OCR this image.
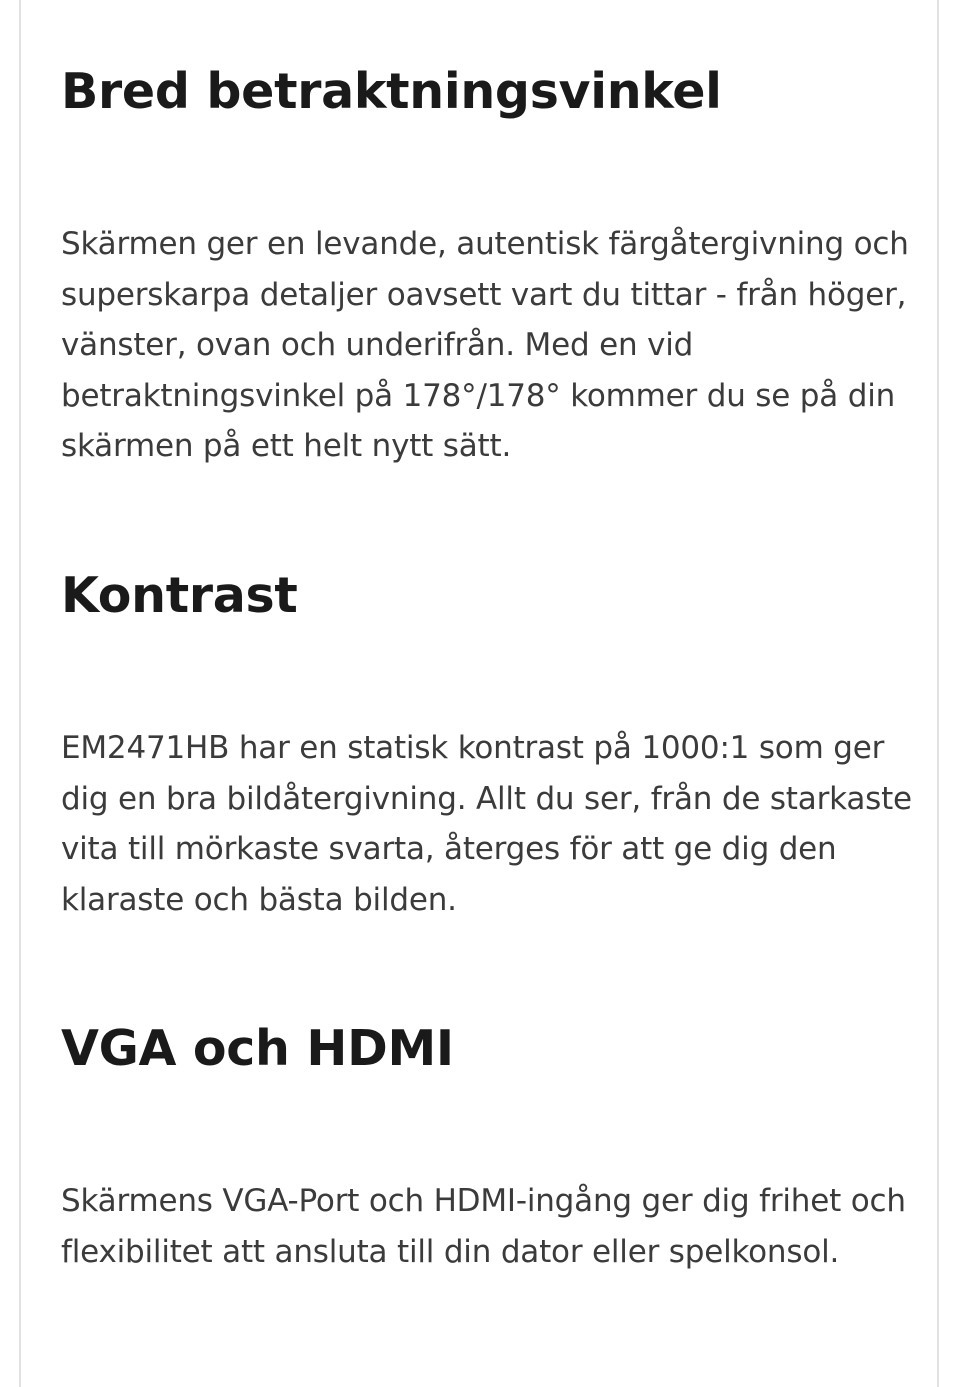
Bred betraktningsvinkel

Skärmen ger en levande, autentisk färgåtergivning och superskarpa detaljer oavsett vart du tittar - från höger, vänster, ovan och underifrån. Med en vid betraktningsvinkel på 178°/178° kommer du se på din skärmen på ett helt nytt sätt.

Kontrast

EM2471HB har en statisk kontrast på 1000:1 som ger dig en bra bildåtergivning. Allt du ser, från de starkaste vita till mörkaste svarta, återges för att ge dig den klaraste och bästa bilden.

VGA och HDMI

Skärmens VGA-Port och HDMI-ingång ger dig frihet och flexibilitet att ansluta till din dator eller spelkonsol.
